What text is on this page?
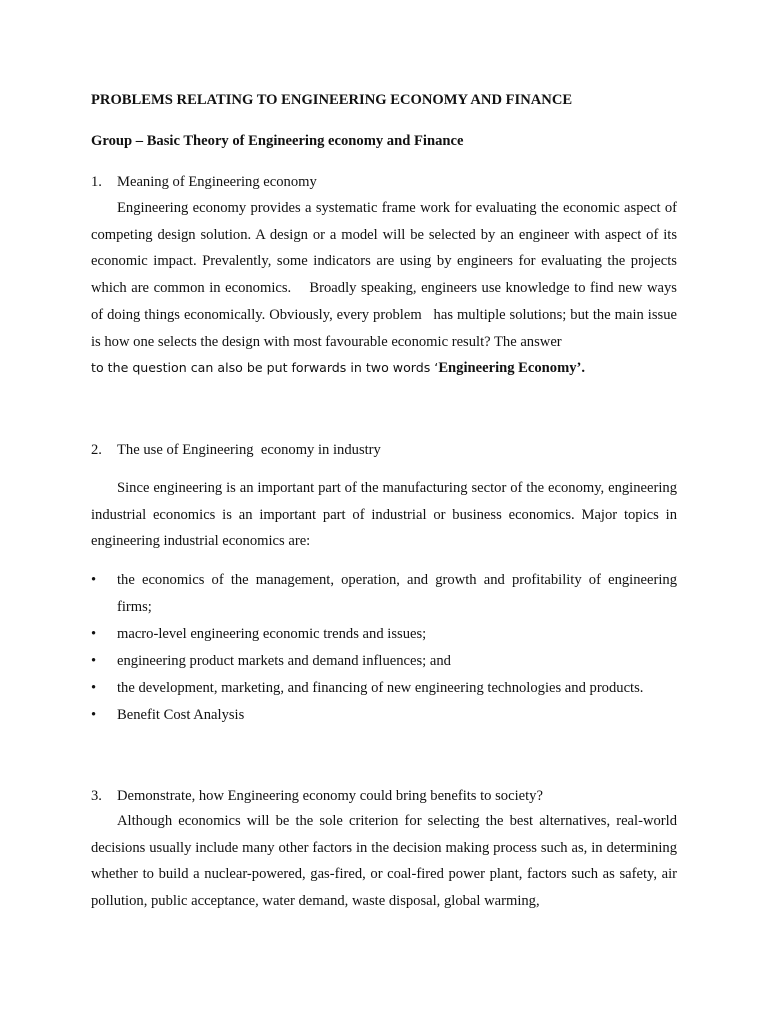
PROBLEMS RELATING TO ENGINEERING ECONOMY AND FINANCE
Group – Basic Theory of Engineering economy and Finance
1. Meaning of Engineering economy

Engineering economy provides a systematic frame work for evaluating the economic aspect of competing design solution. A design or a model will be selected by an engineer with aspect of its economic impact. Prevalently, some indicators are using by engineers for evaluating the projects which are common in economics.    Broadly speaking, engineers use knowledge to find new ways of doing things economically. Obviously, every problem   has multiple solutions; but the main issue is how one selects the design with most favourable economic result? The answer
to the question can also be put forwards in two words ‘Engineering Economy’.

2. The use of Engineering  economy in industry

Since engineering is an important part of the manufacturing sector of the economy, engineering industrial economics is an important part of industrial or business economics. Major topics in engineering industrial economics are:

•	the economics of the management, operation, and growth and profitability of engineering firms;
•	macro-level engineering economic trends and issues;
•	engineering product markets and demand influences; and
•	the development, marketing, and financing of new engineering technologies and products.
•	Benefit Cost Analysis
3. Demonstrate, how Engineering economy could bring benefits to society?

Although economics will be the sole criterion for selecting the best alternatives, real-world decisions usually include many other factors in the decision making process such as, in determining whether to build a nuclear-powered, gas-fired, or coal-fired power plant, factors such as safety, air pollution, public acceptance, water demand, waste disposal, global warming,
